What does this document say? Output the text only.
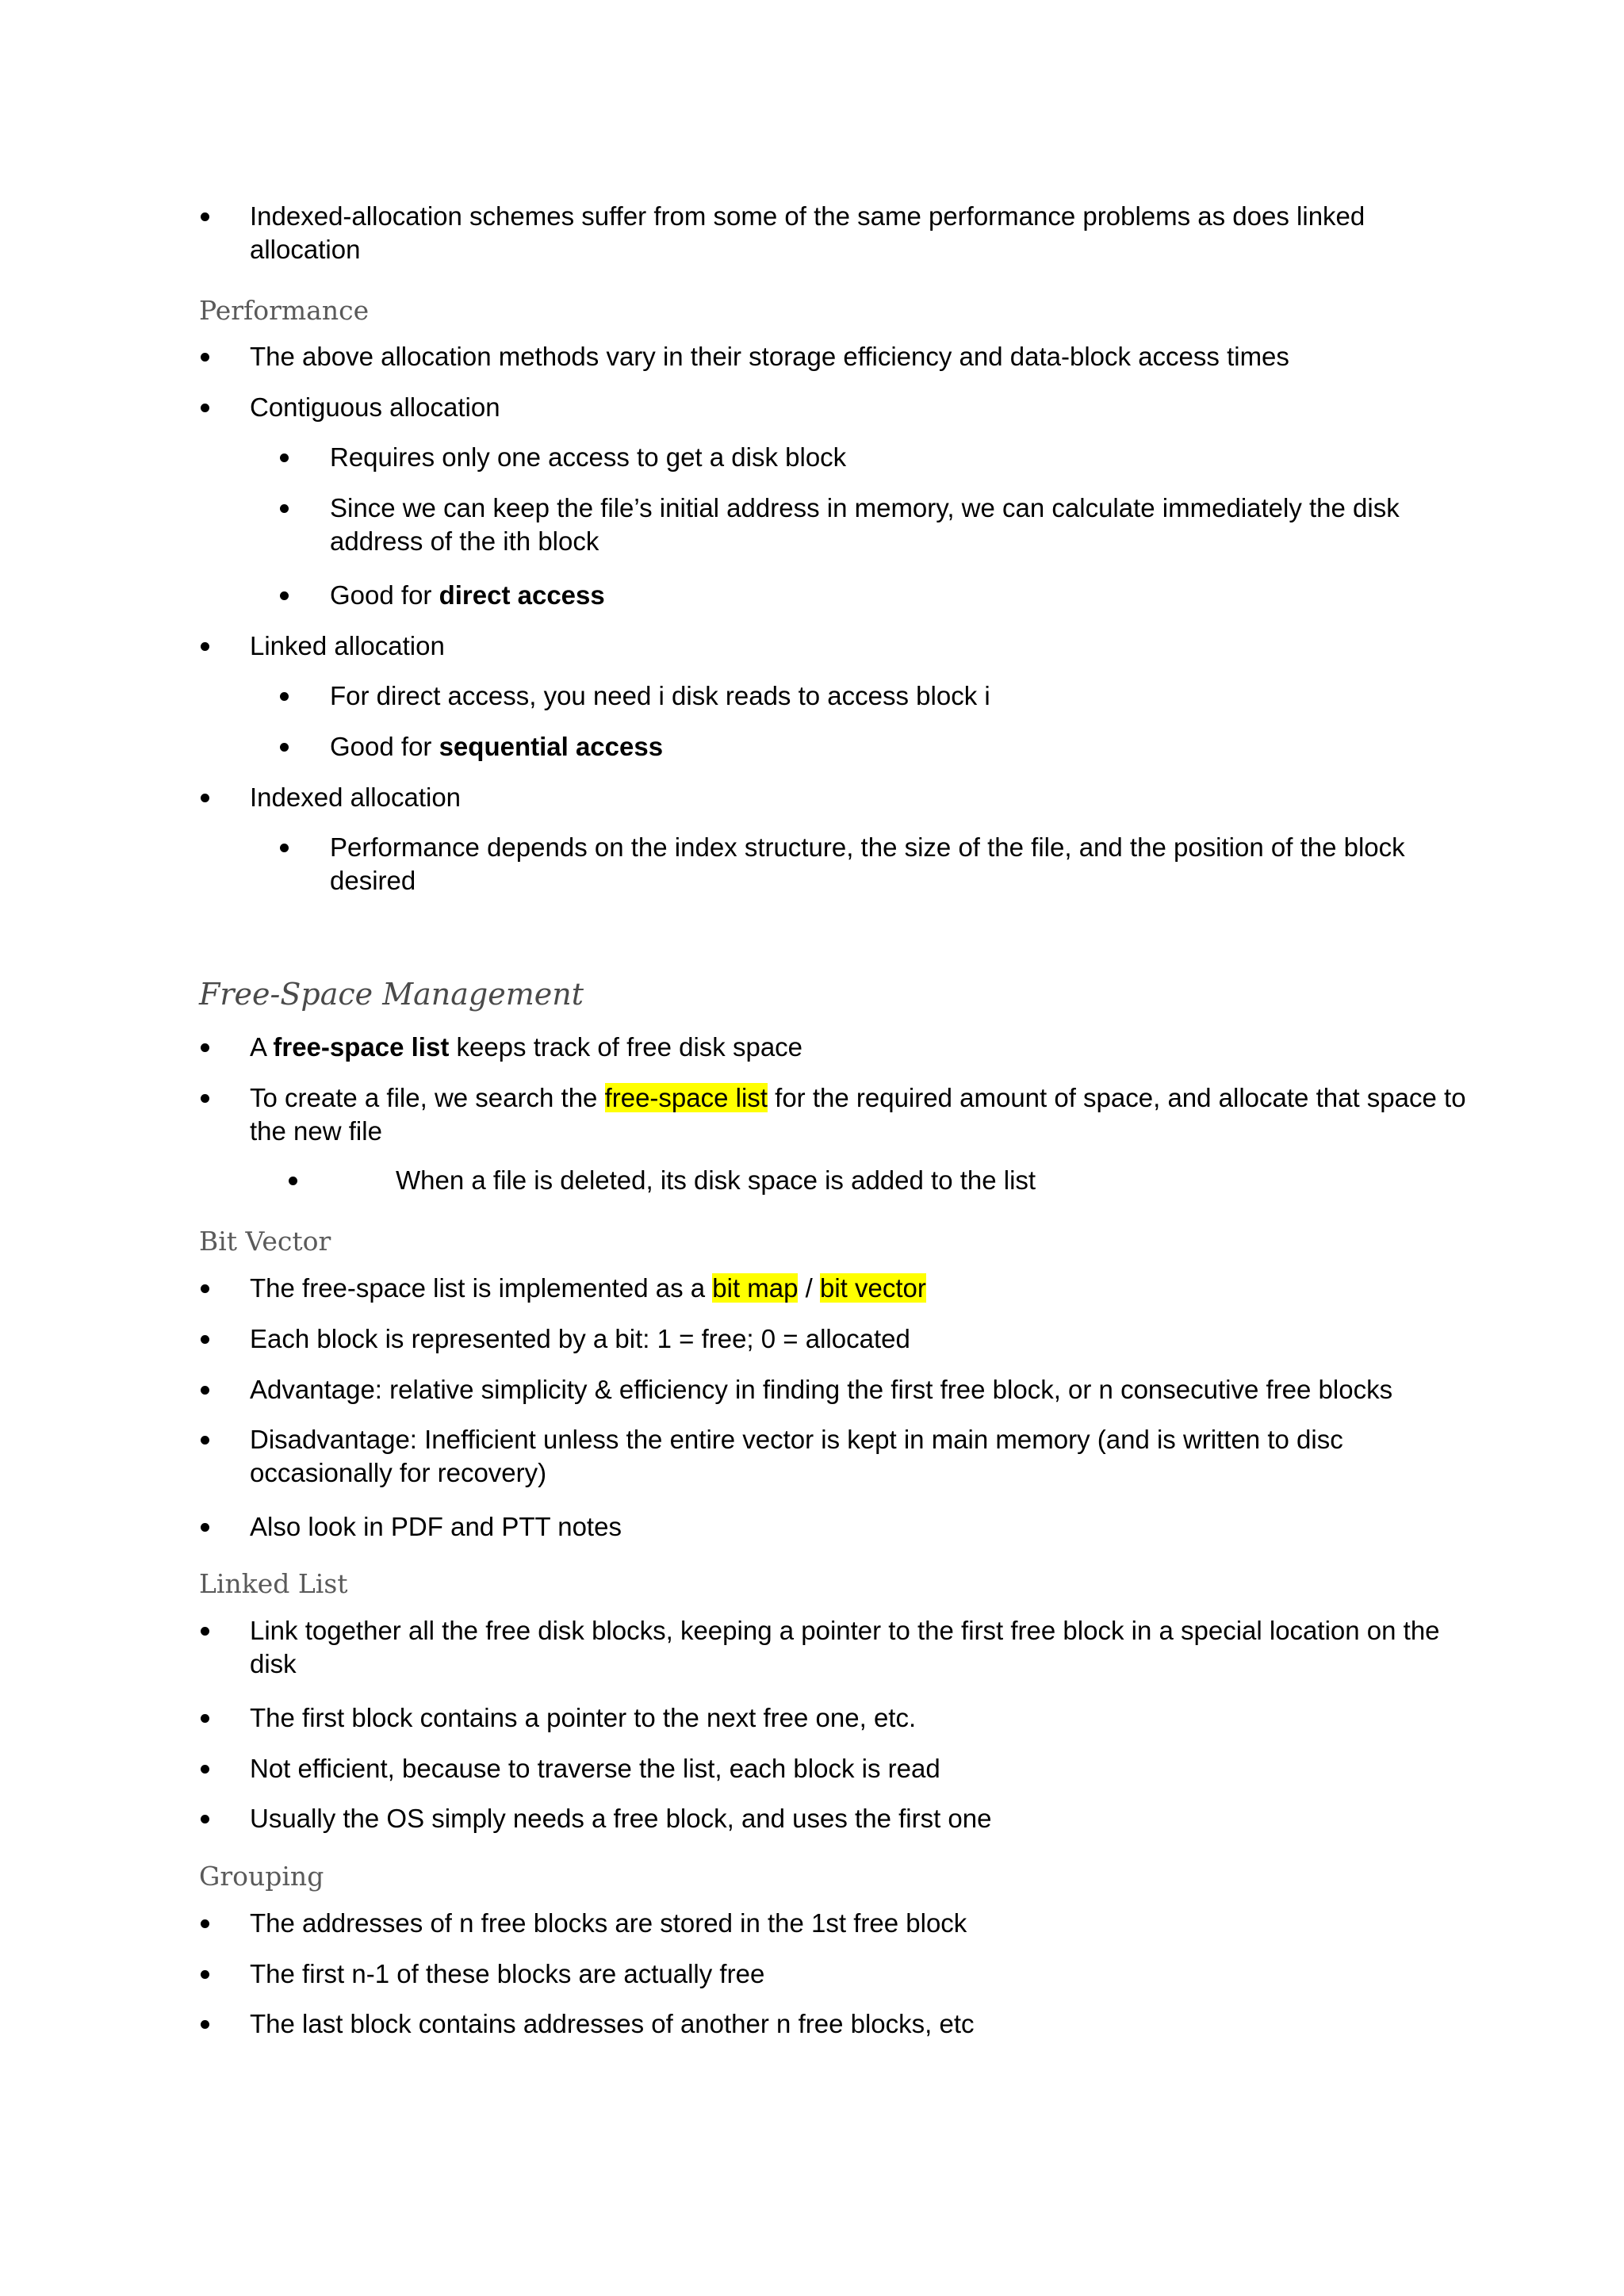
Indexed-allocation schemes suffer from some of the same performance problems as does linked
allocation
Performance
The above allocation methods vary in their storage efficiency and data-block access times
Contiguous allocation
Requires only one access to get a disk block
Since we can keep the file’s initial address in memory, we can calculate immediately the disk
address of the ith block
Good for direct access
Linked allocation
For direct access, you need i disk reads to access block i
Good for sequential access
Indexed allocation
Performance depends on the index structure, the size of the file, and the position of the block
desired
Free-Space Management
A free-space list keeps track of free disk space
To create a file, we search the free-space list for the required amount of space, and allocate that space to
the new file
When a file is deleted, its disk space is added to the list
Bit Vector
The free-space list is implemented as a bit map / bit vector
Each block is represented by a bit: 1 = free; 0 = allocated
Advantage: relative simplicity & efficiency in finding the first free block, or n consecutive free blocks
Disadvantage: Inefficient unless the entire vector is kept in main memory (and is written to disc
occasionally for recovery)
Also look in PDF and PTT notes
Linked List
Link together all the free disk blocks, keeping a pointer to the first free block in a special location on the
disk
The first block contains a pointer to the next free one, etc.
Not efficient, because to traverse the list, each block is read
Usually the OS simply needs a free block, and uses the first one
Grouping
The addresses of n free blocks are stored in the 1st free block
The first n-1 of these blocks are actually free
The last block contains addresses of another n free blocks, etc
